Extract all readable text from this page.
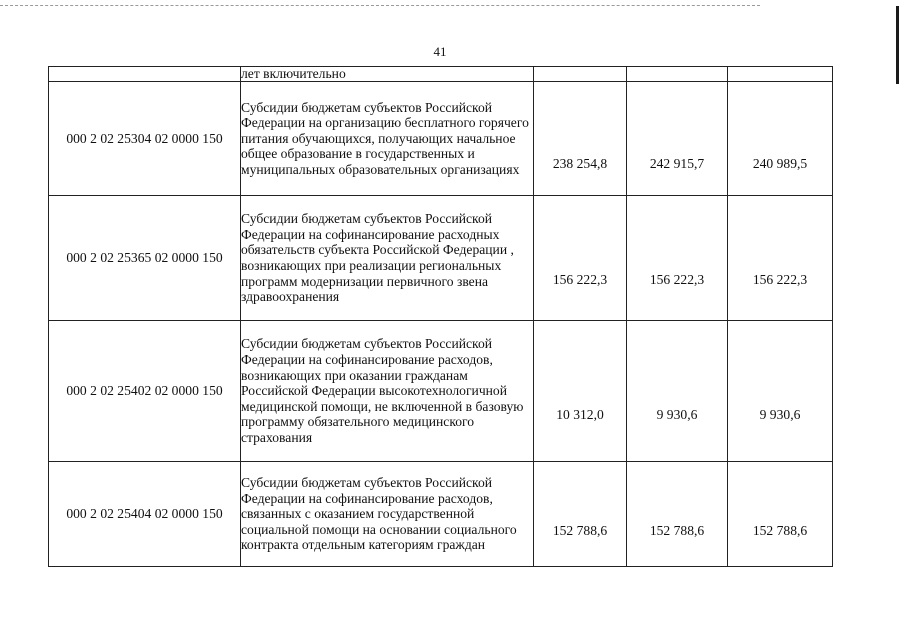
41
	лет включительно			
000 2 02 25304 02 0000 150	Субсидии бюджетам субъектов Российской Федерации на организацию бесплатного горячего питания обучающихся, получающих начальное общее образование в государственных и муниципальных образовательных организациях	238 254,8	242 915,7	240 989,5

000 2 02 25365 02 0000 150	Субсидии бюджетам субъектов Российской Федерации на софинансирование расходных обязательств субъекта Российской Федерации , возникающих при реализации региональных программ модернизации первичного звена здравоохранения	156 222,3	156 222,3	156 222,3

000 2 02 25402 02 0000 150	Субсидии бюджетам субъектов Российской Федерации на софинансирование расходов, возникающих при оказании гражданам Российской Федерации высокотехнологичной медицинской помощи, не включенной в базовую программу обязательного медицинского страхования	10 312,0	9 930,6	9 930,6

000 2 02 25404 02 0000 150	Субсидии бюджетам субъектов Российской Федерации на софинансирование расходов, связанных с оказанием государственной социальной помощи на основании социального контракта отдельным категориям граждан	152 788,6	152 788,6	152 788,6
